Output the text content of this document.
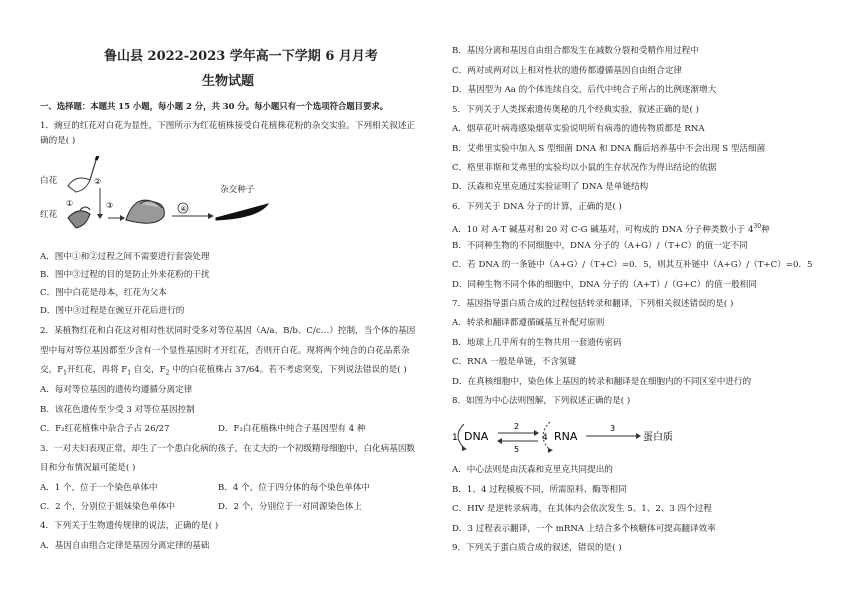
鲁山县 2022-2023 学年高一下学期 6 月月考
生物试题
一、选择题：本题共 15 小题，每小题 2 分，共 30 分。每小题只有一个选项符合题目要求。
1．豌豆的红花对白花为显性，下图所示为红花植株接受白花植株花粉的杂交实验。下列相关叙述正
确的是( )
②
①	③	④
白花
红花
杂交种子
A．图中①和②过程之间不需要进行套袋处理
B．图中③过程的目的是防止外来花粉的干扰
C．图中白花是母本，红花为父本
D．图中③过程是在豌豆开花后进行的
2．某植物红花和白花这对相对性状同时受多对等位基因（A/a、B/b、C/c…）控制，当个体的基因
型中每对等位基因都至少含有一个显性基因时才开红花，否则开白花。现将两个纯合的白花品系杂
交，$F_1$开红花，再将 $F_1$ 自交，$F_2$ 中的白花植株占 37/64。若不考虑突变，下列说法错误的是( )
A．每对等位基因的遗传均遵循分离定律
B．该花色遗传至少受 3 对等位基因控制
C．F₂红花植株中杂合子占 26/27	D．F₂白花植株中纯合子基因型有 4 种
3．一对夫妇表现正常，却生了一个患白化病的孩子，在丈夫的一个初级精母细胞中，白化病基因数
目和分布情况最可能是( )
A．1 个，位于一个染色单体中	B．4 个，位于四分体的每个染色单体中
C．2 个，分别位于姐妹染色单体中	D．2 个，分别位于一对同源染色体上
4．下列关于生物遗传规律的说法，正确的是( )
A．基因自由组合定律是基因分离定律的基础
B．基因分离和基因自由组合都发生在减数分裂和受精作用过程中
C．两对或两对以上相对性状的遗传都遵循基因自由组合定律
D．基因型为 Aa 的个体连续自交，后代中纯合子所占的比例逐渐增大
5．下列关于人类探索遗传奥秘的几个经典实验，叙述正确的是( )
A．烟草花叶病毒感染烟草实验说明所有病毒的遗传物质都是 RNA
B．艾弗里实验中加入 S 型细菌 DNA 和 DNA 酶后培养基中不会出现 S 型活细菌
C．格里菲斯和艾弗里的实验均以小鼠的生存状况作为得出结论的依据
D．沃森和克里克通过实验证明了 DNA 是单链结构
6．下列关于 DNA 分子的计算，正确的是( )
A．10 对 A-T 碱基对和 20 对 C-G 碱基对，可构成的 DNA 分子种类数小于 $4^{30}$种
B．不同种生物的不同细胞中，DNA 分子的（A+G）/（T+C）的值一定不同
C．若 DNA 的一条链中（A+G）/（T+C）=0．5，则其互补链中（A+G）/（T+C）=0．5
D．同种生物不同个体的细胞中，DNA 分子的（A+T）/（G+C）的值一般相同
7．基因指导蛋白质合成的过程包括转录和翻译，下列相关叙述错误的是( )
A．转录和翻译都遵循碱基互补配对原则
B．地球上几乎所有的生物共用一套遗传密码
C．RNA 一般是单链，不含氢键
D．在真核细胞中，染色体上基因的转录和翻译是在细胞内的不同区室中进行的
8．如图为中心法则图解，下列叙述正确的是( )
1 DNA
2
5
4 RNA
3
蛋白质
A．中心法则是由沃森和克里克共同提出的
B．1、4 过程模板不同，所需原料、酶等相同
C．HIV 是逆转录病毒，在其体内会依次发生 5、1、2、3 四个过程
D．3 过程表示翻译，一个 mRNA 上结合多个核糖体可提高翻译效率
9．下列关于蛋白质合成的叙述，错误的是( )
